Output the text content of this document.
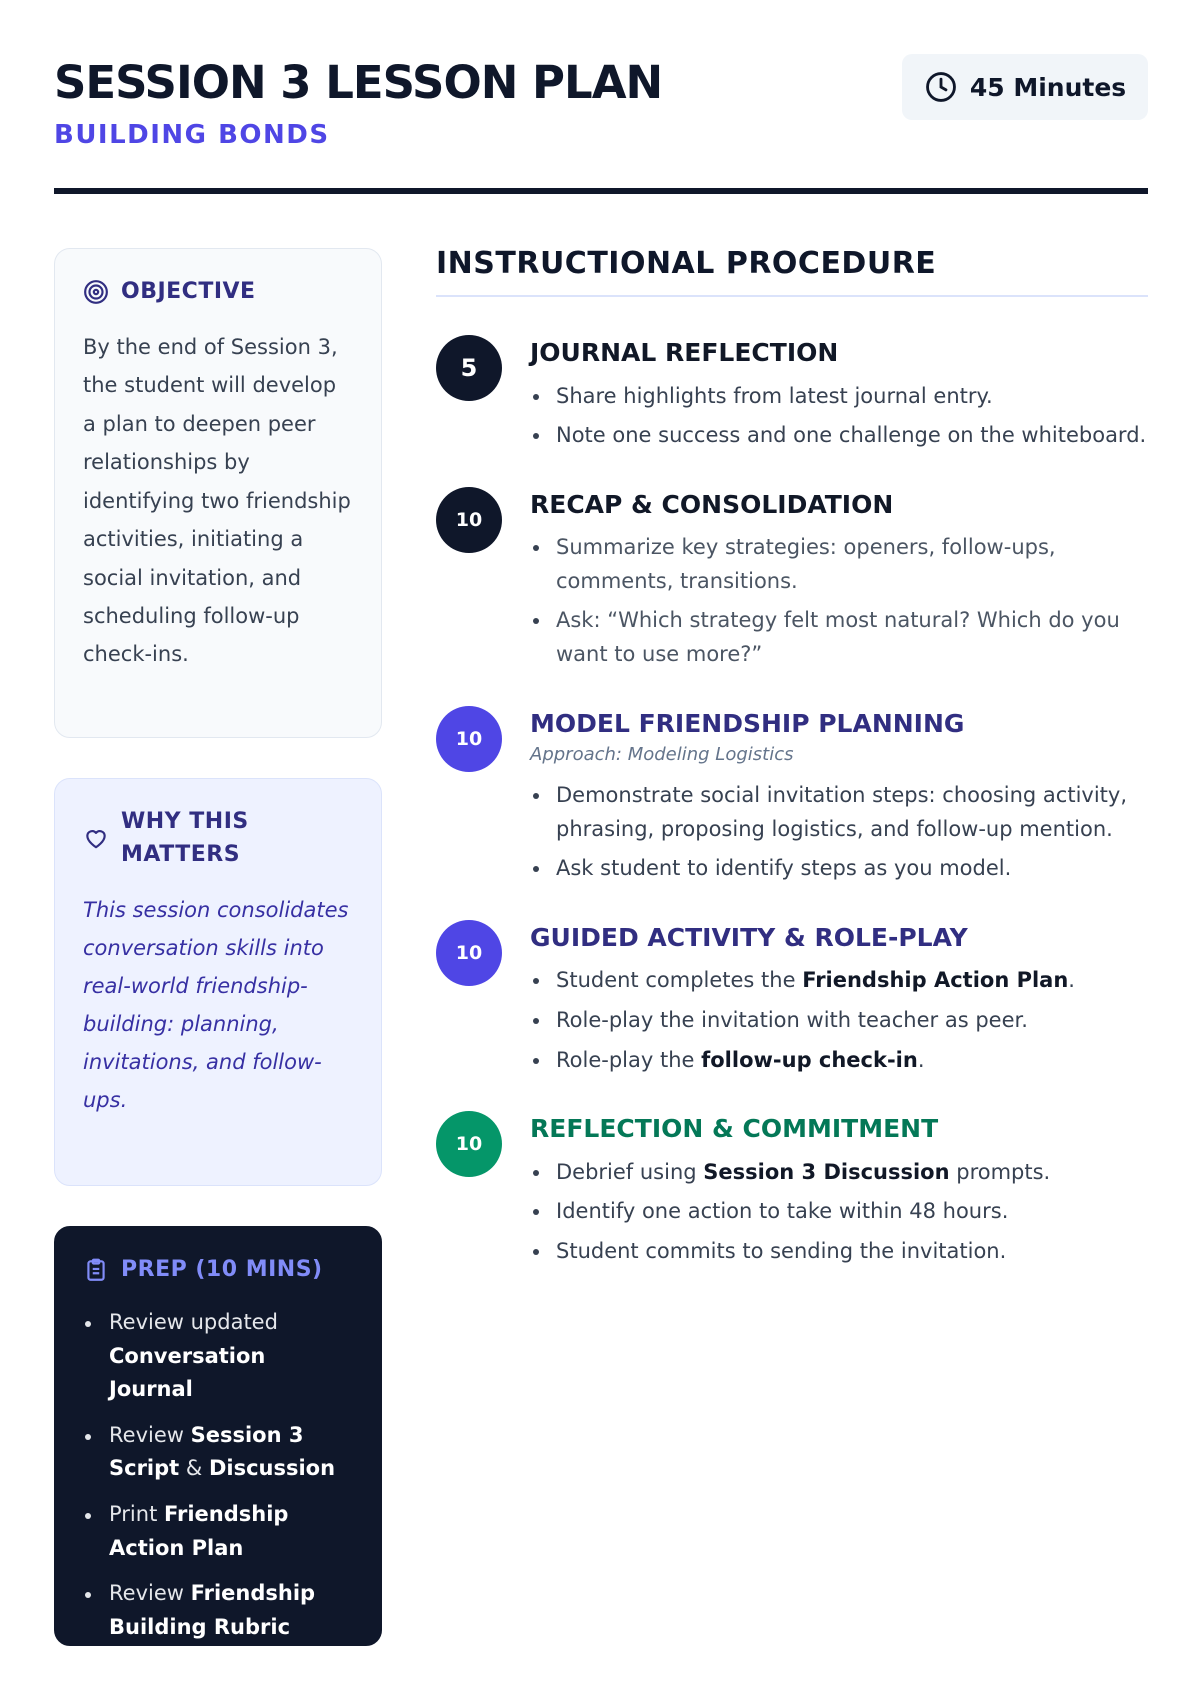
SESSION 3 LESSON PLAN
BUILDING BONDS
45 Minutes
OBJECTIVE

By the end of Session 3, the student will develop a plan to deepen peer relationships by identifying two friendship activities, initiating a social invitation, and scheduling follow-up check-ins.

WHY THIS MATTERS

This session consolidates conversation skills into real-world friendship-building: planning, invitations, and follow-ups.

PREP (10 MINS)
Review updated Conversation Journal
Review Session 3 Script & Discussion
Print Friendship Action Plan
Review Friendship Building Rubric
INSTRUCTIONAL PROCEDURE
5
JOURNAL REFLECTION
Share highlights from latest journal entry.
Note one success and one challenge on the whiteboard.
10
RECAP & CONSOLIDATION
Summarize key strategies: openers, follow-ups, comments, transitions.
Ask: “Which strategy felt most natural? Which do you want to use more?”
10
MODEL FRIENDSHIP PLANNING
Approach: Modeling Logistics
Demonstrate social invitation steps: choosing activity, phrasing, proposing logistics, and follow-up mention.
Ask student to identify steps as you model.
10
GUIDED ACTIVITY & ROLE-PLAY
Student completes the Friendship Action Plan.
Role-play the invitation with teacher as peer.
Role-play the follow-up check-in.
10
REFLECTION & COMMITMENT
Debrief using Session 3 Discussion prompts.
Identify one action to take within 48 hours.
Student commits to sending the invitation.
